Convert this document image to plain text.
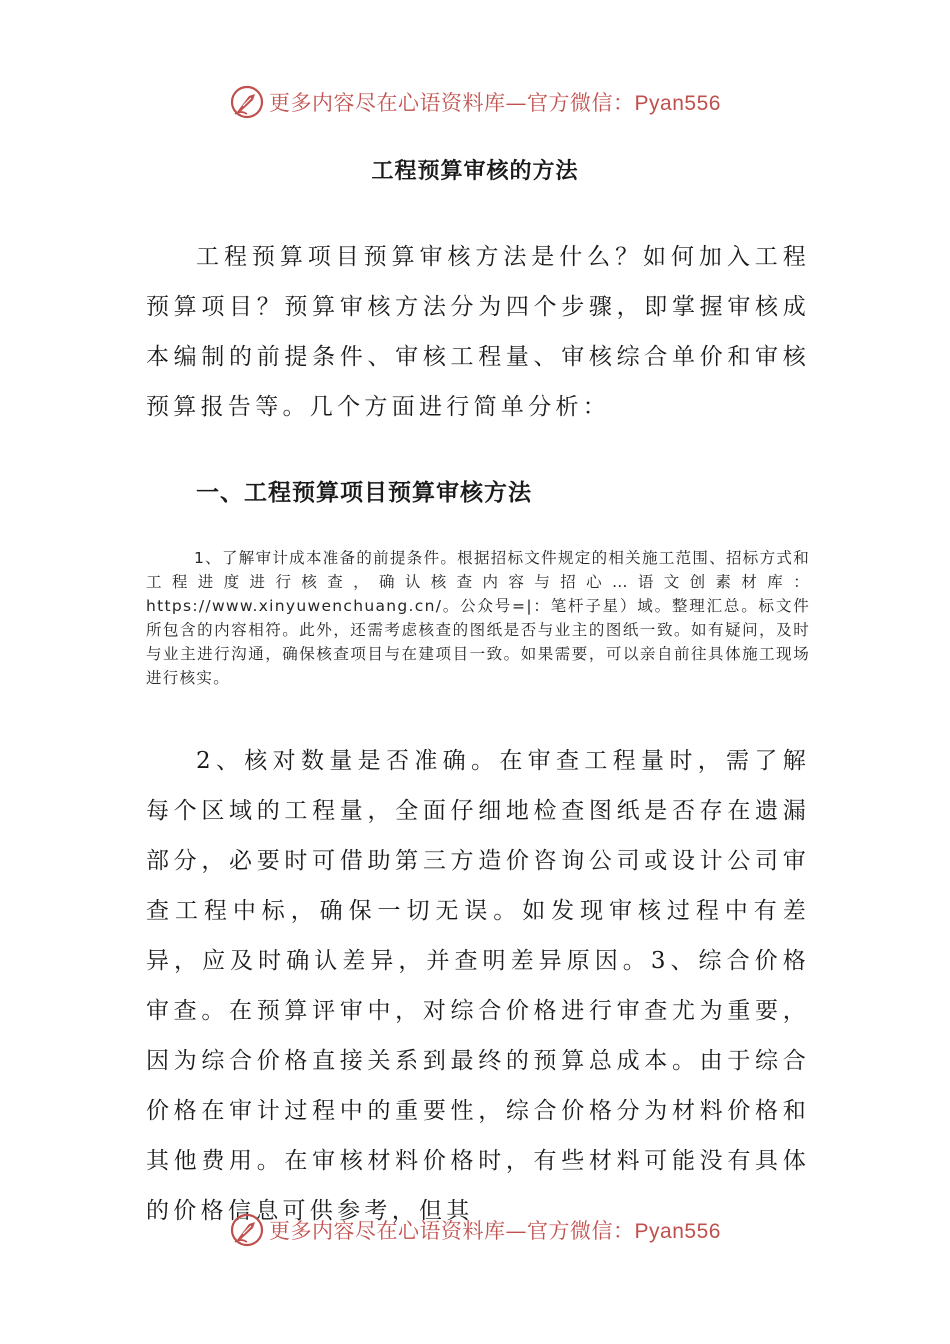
更多内容尽在心语资料库—官方微信：Pyan556
工程预算审核的方法

工程预算项目预算审核方法是什么？如何加入工程预算项目？预算审核方法分为四个步骤，即掌握审核成本编制的前提条件、审核工程量、审核综合单价和审核预算报告等。几个方面进行简单分析：

一、工程预算项目预算审核方法

1、了解审计成本准备的前提条件。根据招标文件规定的相关施工范围、招标方式和工程进度进行核查，确认核查内容与招心…语文创素材库：https://www.xinyuwenchuang.cn/。公众号=|：笔杆子星）域。整理汇总。标文件所包含的内容相符。此外，还需考虑核查的图纸是否与业主的图纸一致。如有疑问，及时与业主进行沟通，确保核查项目与在建项目一致。如果需要，可以亲自前往具体施工现场进行核实。

2、核对数量是否准确。在审查工程量时，需了解每个区域的工程量，全面仔细地检查图纸是否存在遗漏部分，必要时可借助第三方造价咨询公司或设计公司审查工程中标，确保一切无误。如发现审核过程中有差异，应及时确认差异，并查明差异原因。3、综合价格审查。在预算评审中，对综合价格进行审查尤为重要，因为综合价格直接关系到最终的预算总成本。由于综合价格在审计过程中的重要性，综合价格分为材料价格和其他费用。在审核材料价格时，有些材料可能没有具体的价格信息可供参考，但其

更多内容尽在心语资料库—官方微信：Pyan556
